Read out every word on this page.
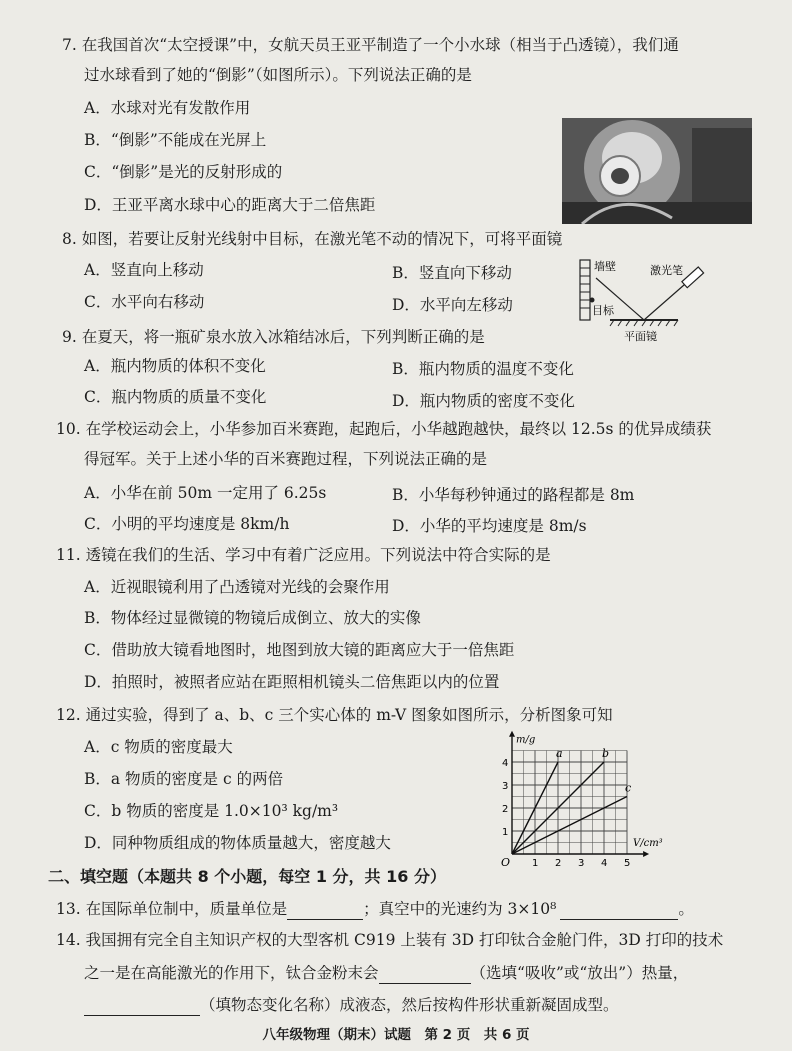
7. 在我国首次“太空授课”中，女航天员王亚平制造了一个小水球（相当于凸透镜），我们通
过水球看到了她的“倒影”（如图所示）。下列说法正确的是
A．水球对光有发散作用
B．“倒影”不能成在光屏上
C．“倒影”是光的反射形成的
D．王亚平离水球中心的距离大于二倍焦距
8. 如图，若要让反射光线射中目标，在激光笔不动的情况下，可将平面镜
A．竖直向上移动	B．竖直向下移动
C．水平向右移动	D．水平向左移动
墙壁	激光笔
目标
平面镜
9. 在夏天，将一瓶矿泉水放入冰箱结冰后，下列判断正确的是
A．瓶内物质的体积不变化	B．瓶内物质的温度不变化
C．瓶内物质的质量不变化	D．瓶内物质的密度不变化
10. 在学校运动会上，小华参加百米赛跑，起跑后，小华越跑越快，最终以 12.5s 的优异成绩获
得冠军。关于上述小华的百米赛跑过程，下列说法正确的是
A．小华在前 50m 一定用了 6.25s	B．小华每秒钟通过的路程都是 8m
C．小明的平均速度是 8km/h	D．小华的平均速度是 8m/s
11. 透镜在我们的生活、学习中有着广泛应用。下列说法中符合实际的是
A．近视眼镜利用了凸透镜对光线的会聚作用
B．物体经过显微镜的物镜后成倒立、放大的实像
C．借助放大镜看地图时，地图到放大镜的距离应大于一倍焦距
D．拍照时，被照者应站在距照相机镜头二倍焦距以内的位置
12. 通过实验，得到了 a、b、c 三个实心体的 m-V 图象如图所示，分析图象可知
A．c 物质的密度最大
B．a 物质的密度是 c 的两倍
C．b 物质的密度是 1.0×10³ kg/m³
D．同种物质组成的物体质量越大，密度越大
1 2 3 4 5
1
2
3
4
O
m/g
V/cm³
a	b
c
二、填空题（本题共 8 个小题，每空 1 分，共 16 分）
13. 在国际单位制中，质量单位是	；真空中的光速约为 3×10⁸	。
14. 我国拥有完全自主知识产权的大型客机 C919 上装有 3D 打印钛合金舱门件，3D 打印的技术
之一是在高能激光的作用下，钛合金粉末会	（选填“吸收”或“放出”）热量，
（填物态变化名称）成液态，然后按构件形状重新凝固成型。
八年级物理（期末）试题　第 2 页　共 6 页
